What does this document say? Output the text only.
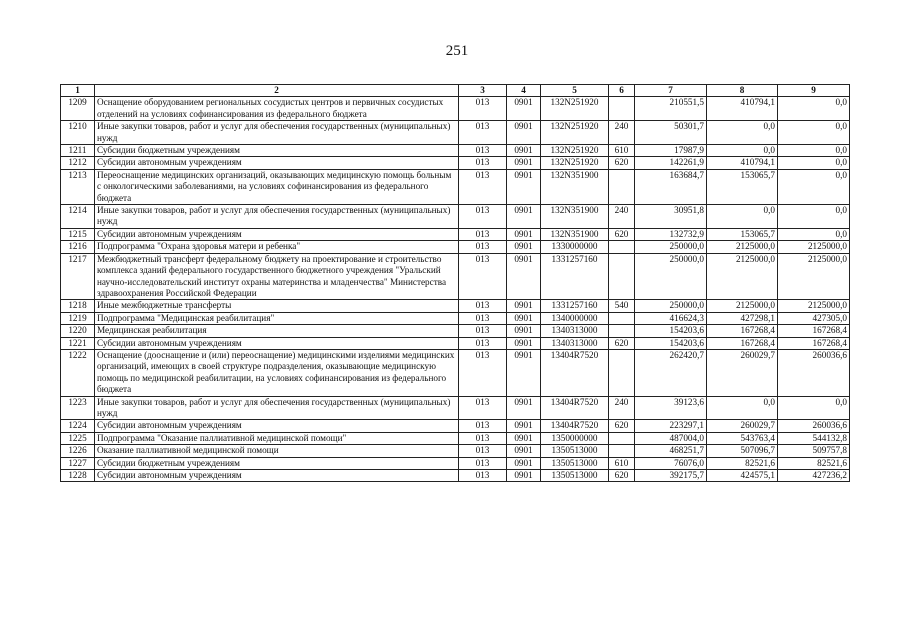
251
1	2	3	4	5	6	7	8	9
1209	Оснащение оборудованием региональных сосудистых центров и первичных сосудистых отделений на условиях софинансирования из федерального бюджета	013	0901	132N251920		210551,5	410794,1	0,0
1210	Иные закупки товаров, работ и услуг для обеспечения государственных (муниципальных) нужд	013	0901	132N251920	240	50301,7	0,0	0,0
1211	Субсидии бюджетным учреждениям	013	0901	132N251920	610	17987,9	0,0	0,0
1212	Субсидии автономным учреждениям	013	0901	132N251920	620	142261,9	410794,1	0,0
1213	Переоснащение медицинских организаций, оказывающих медицинскую помощь больным с онкологическими заболеваниями, на условиях софинансирования из федерального бюджета	013	0901	132N351900		163684,7	153065,7	0,0
1214	Иные закупки товаров, работ и услуг для обеспечения государственных (муниципальных) нужд	013	0901	132N351900	240	30951,8	0,0	0,0
1215	Субсидии автономным учреждениям	013	0901	132N351900	620	132732,9	153065,7	0,0
1216	Подпрограмма "Охрана здоровья матери и ребенка"	013	0901	1330000000		250000,0	2125000,0	2125000,0
1217	Межбюджетный трансферт федеральному бюджету на проектирование и строительство комплекса зданий федерального государственного бюджетного учреждения "Уральский научно-исследовательский институт охраны материнства и младенчества" Министерства здравоохранения Российской Федерации	013	0901	1331257160		250000,0	2125000,0	2125000,0
1218	Иные межбюджетные трансферты	013	0901	1331257160	540	250000,0	2125000,0	2125000,0
1219	Подпрограмма "Медицинская реабилитация"	013	0901	1340000000		416624,3	427298,1	427305,0
1220	Медицинская реабилитация	013	0901	1340313000		154203,6	167268,4	167268,4
1221	Субсидии автономным учреждениям	013	0901	1340313000	620	154203,6	167268,4	167268,4
1222	Оснащение (дооснащение и (или) переоснащение) медицинскими изделиями медицинских организаций, имеющих в своей структуре подразделения, оказывающие медицинскую помощь по медицинской реабилитации, на условиях софинансирования из федерального бюджета	013	0901	13404R7520		262420,7	260029,7	260036,6
1223	Иные закупки товаров, работ и услуг для обеспечения государственных (муниципальных) нужд	013	0901	13404R7520	240	39123,6	0,0	0,0
1224	Субсидии автономным учреждениям	013	0901	13404R7520	620	223297,1	260029,7	260036,6
1225	Подпрограмма "Оказание паллиативной медицинской помощи"	013	0901	1350000000		487004,0	543763,4	544132,8
1226	Оказание паллиативной медицинской помощи	013	0901	1350513000		468251,7	507096,7	509757,8
1227	Субсидии бюджетным учреждениям	013	0901	1350513000	610	76076,0	82521,6	82521,6
1228	Субсидии автономным учреждениям	013	0901	1350513000	620	392175,7	424575,1	427236,2
